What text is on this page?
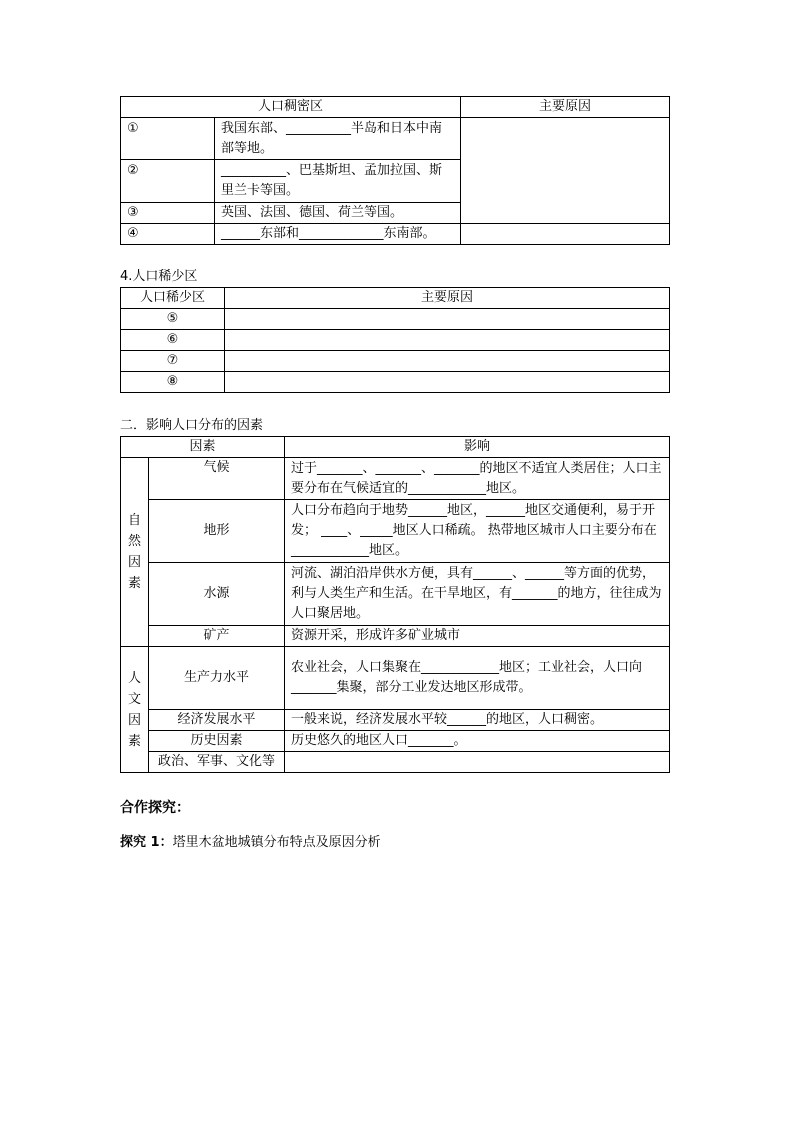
人口稠密区		主要原因
①	我国东部、__________半岛和日本中南部等地。	
②	__________、巴基斯坦、孟加拉国、斯里兰卡等国。	
③	英国、法国、德国、荷兰等国。	
④	______东部和_____________东南部。	
4.人口稀少区
人口稀少区	主要原因
⑤	
⑥	
⑦	
⑧	
二．影响人口分布的因素
因素		影响
自然因素	气候	过于_______、_______、_______的地区不适宜人类居住；人口主要分布在气候适宜的____________地区。
	地形	人口分布趋向于地势______地区，______地区交通便利，易于开发； ____、_____地区人口稀疏。 热带地区城市人口主要分布在____________地区。
	水源	河流、湖泊沿岸供水方便，具有______、______等方面的优势，利与人类生产和生活。在干旱地区，有_______的地方，往往成为人口聚居地。
	矿产	资源开采，形成许多矿业城市
人文因素	生产力水平	农业社会，人口集聚在____________地区；工业社会，人口向_______集聚，部分工业发达地区形成带。
	经济发展水平	一般来说，经济发展水平较______的地区，人口稠密。
	历史因素	历史悠久的地区人口_______。
	政治、军事、文化等	
合作探究：
探究 1：塔里木盆地城镇分布特点及原因分析
